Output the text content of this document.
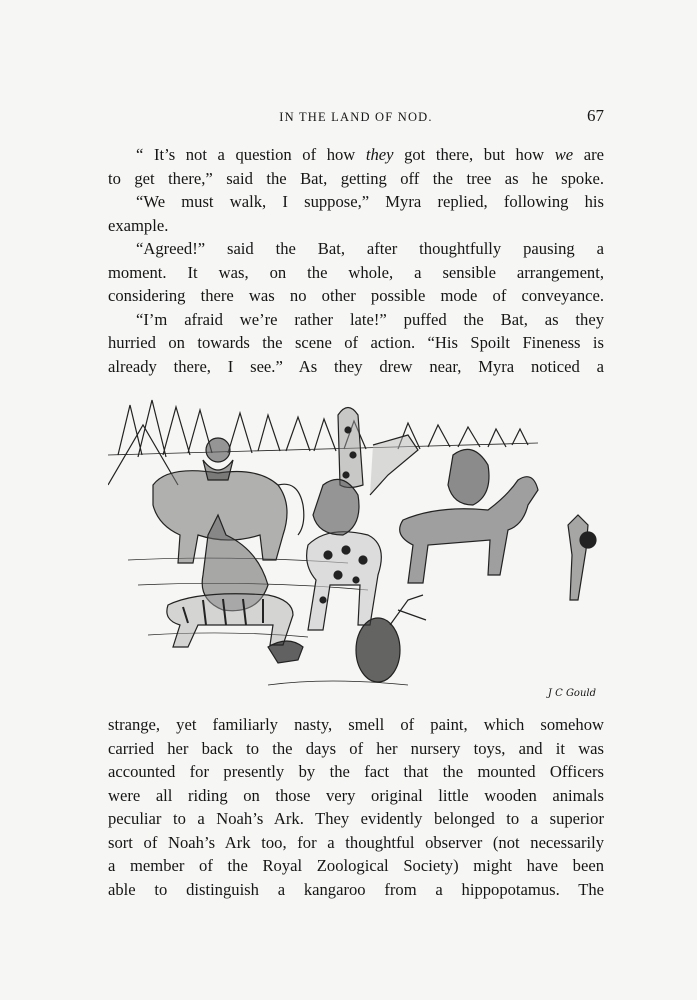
IN THE LAND OF NOD.	67
“ It’s not a question of how they got there, but how we are
to get there,” said the Bat, getting off the tree as he spoke.
“We must walk, I suppose,” Myra replied, following his
example.
“Agreed!” said the Bat, after thoughtfully pausing a
moment. It was, on the whole, a sensible arrangement,
considering there was no other possible mode of conveyance.
“I’m afraid we’re rather late!” puffed the Bat, as they
hurried on towards the scene of action. “His Spoilt Fineness is
already there, I see.” As they drew near, Myra noticed a
J C Gould
strange, yet familiarly nasty, smell of paint, which somehow
carried her back to the days of her nursery toys, and it was
accounted for presently by the fact that the mounted Officers
were all riding on those very original little wooden animals
peculiar to a Noah’s Ark. They evidently belonged to a superior
sort of Noah’s Ark too, for a thoughtful observer (not necessarily
a member of the Royal Zoological Society) might have been
able to distinguish a kangaroo from a hippopotamus. The
